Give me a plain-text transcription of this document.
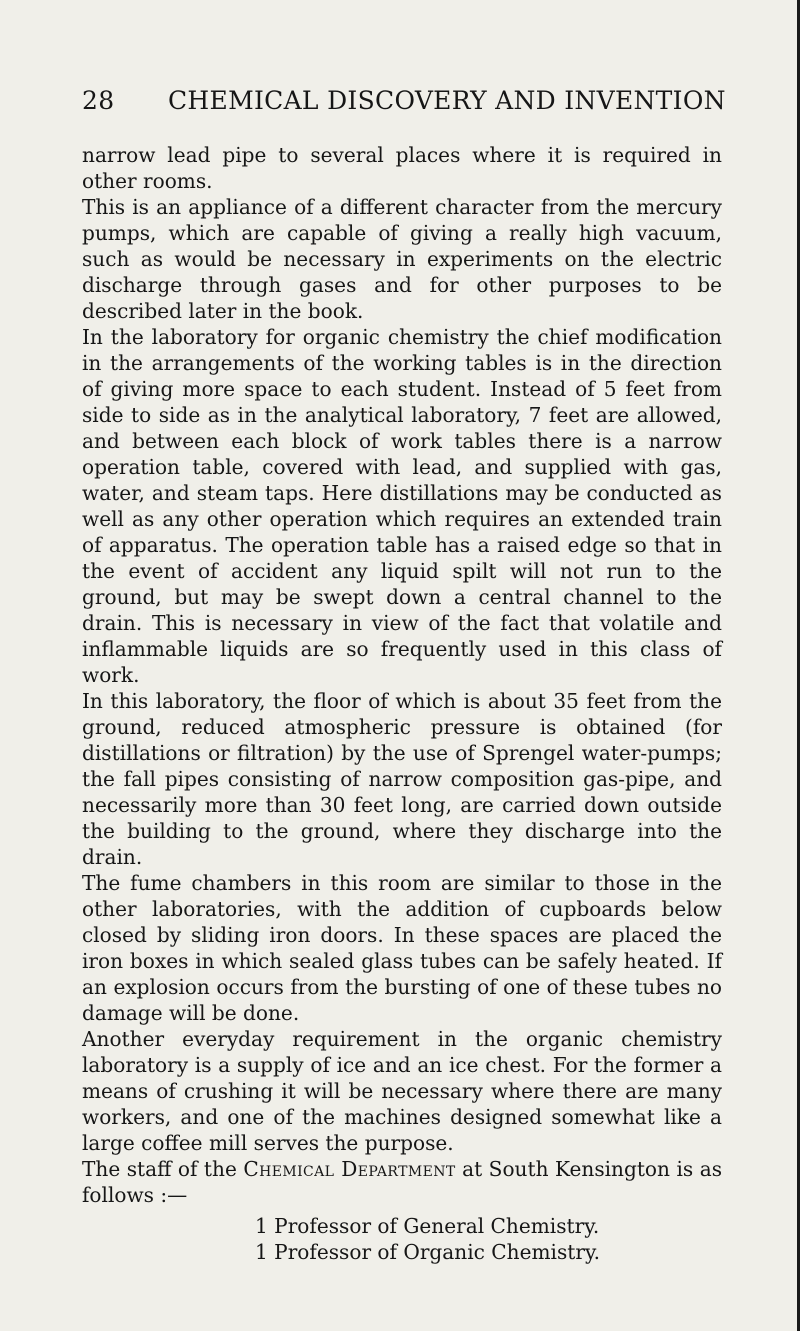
28 CHEMICAL DISCOVERY AND INVENTION

narrow lead pipe to several places where it is required in other rooms.

This is an appliance of a different character from the mercury pumps, which are capable of giving a really high vacuum, such as would be necessary in experiments on the electric discharge through gases and for other purposes to be described later in the book.

In the laboratory for organic chemistry the chief modification in the arrangements of the working tables is in the direction of giving more space to each student. Instead of 5 feet from side to side as in the analytical laboratory, 7 feet are allowed, and between each block of work tables there is a narrow operation table, covered with lead, and supplied with gas, water, and steam taps. Here distillations may be conducted as well as any other operation which requires an extended train of apparatus. The operation table has a raised edge so that in the event of accident any liquid spilt will not run to the ground, but may be swept down a central channel to the drain. This is necessary in view of the fact that volatile and inflammable liquids are so frequently used in this class of work.

In this laboratory, the floor of which is about 35 feet from the ground, reduced atmospheric pressure is obtained (for distillations or filtration) by the use of Sprengel water-pumps; the fall pipes consisting of narrow composition gas-pipe, and necessarily more than 30 feet long, are carried down outside the building to the ground, where they discharge into the drain.

The fume chambers in this room are similar to those in the other laboratories, with the addition of cupboards below closed by sliding iron doors. In these spaces are placed the iron boxes in which sealed glass tubes can be safely heated. If an explosion occurs from the bursting of one of these tubes no damage will be done.

Another everyday requirement in the organic chemistry laboratory is a supply of ice and an ice chest. For the former a means of crushing it will be necessary where there are many workers, and one of the machines designed somewhat like a large coffee mill serves the purpose.

The staff of the Chemical Department at South Kensington is as follows :—

1 Professor of General Chemistry.
1 Professor of Organic Chemistry.
